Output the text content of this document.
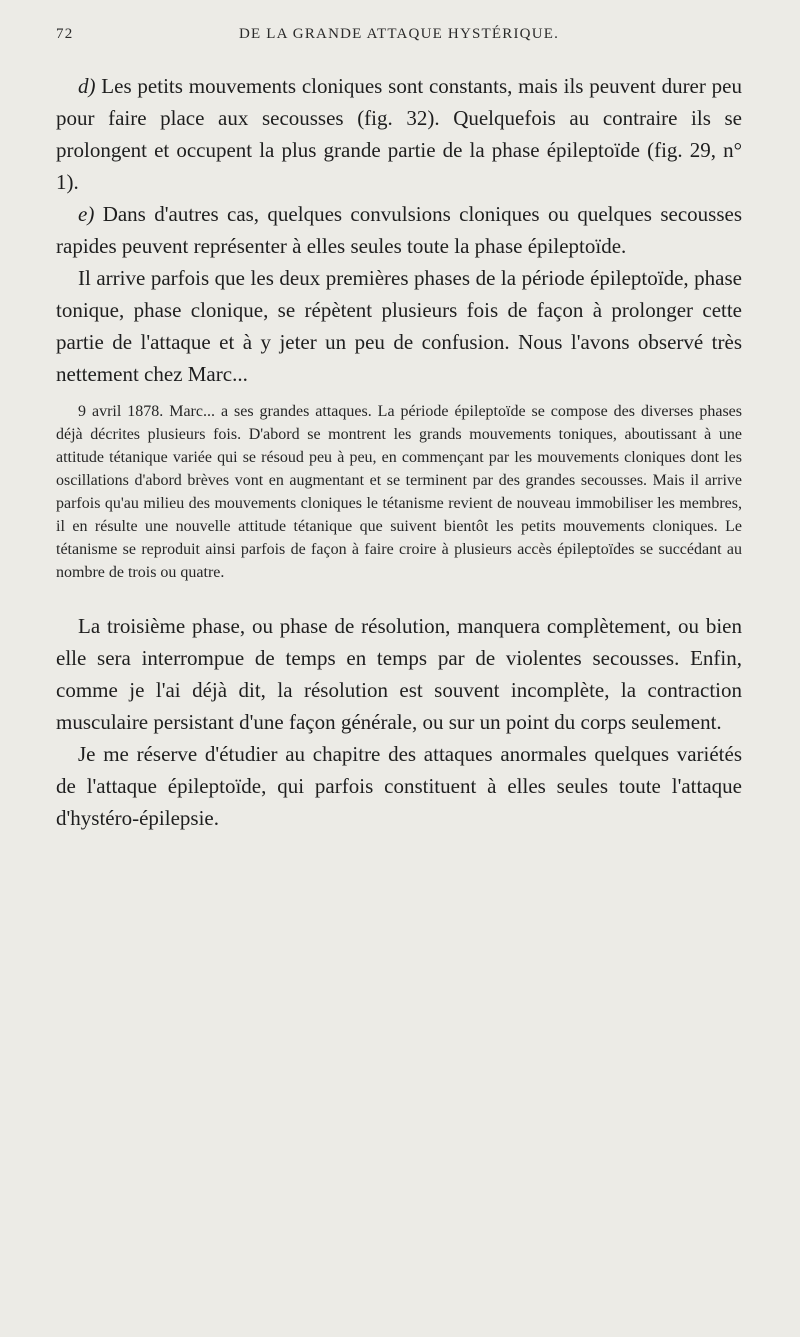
72	DE LA GRANDE ATTAQUE HYSTÉRIQUE.

d) Les petits mouvements cloniques sont constants, mais ils peuvent durer peu pour faire place aux secousses (fig. 32). Quelquefois au contraire ils se prolongent et occupent la plus grande partie de la phase épileptoïde (fig. 29, n° 1).

e) Dans d'autres cas, quelques convulsions cloniques ou quelques secousses rapides peuvent représenter à elles seules toute la phase épileptoïde.

Il arrive parfois que les deux premières phases de la période épileptoïde, phase tonique, phase clonique, se répètent plusieurs fois de façon à prolonger cette partie de l'attaque et à y jeter un peu de confusion. Nous l'avons observé très nettement chez Marc...

9 avril 1878. Marc... a ses grandes attaques. La période épileptoïde se compose des diverses phases déjà décrites plusieurs fois. D'abord se montrent les grands mouvements toniques, aboutissant à une attitude tétanique variée qui se résoud peu à peu, en commençant par les mouvements cloniques dont les oscillations d'abord brèves vont en augmentant et se terminent par des grandes secousses. Mais il arrive parfois qu'au milieu des mouvements cloniques le tétanisme revient de nouveau immobiliser les membres, il en résulte une nouvelle attitude tétanique que suivent bientôt les petits mouvements cloniques. Le tétanisme se reproduit ainsi parfois de façon à faire croire à plusieurs accès épileptoïdes se succédant au nombre de trois ou quatre.

La troisième phase, ou phase de résolution, manquera complètement, ou bien elle sera interrompue de temps en temps par de violentes secousses. Enfin, comme je l'ai déjà dit, la résolution est souvent incomplète, la contraction musculaire persistant d'une façon générale, ou sur un point du corps seulement.

Je me réserve d'étudier au chapitre des attaques anormales quelques variétés de l'attaque épileptoïde, qui parfois constituent à elles seules toute l'attaque d'hystéro-épilepsie.
